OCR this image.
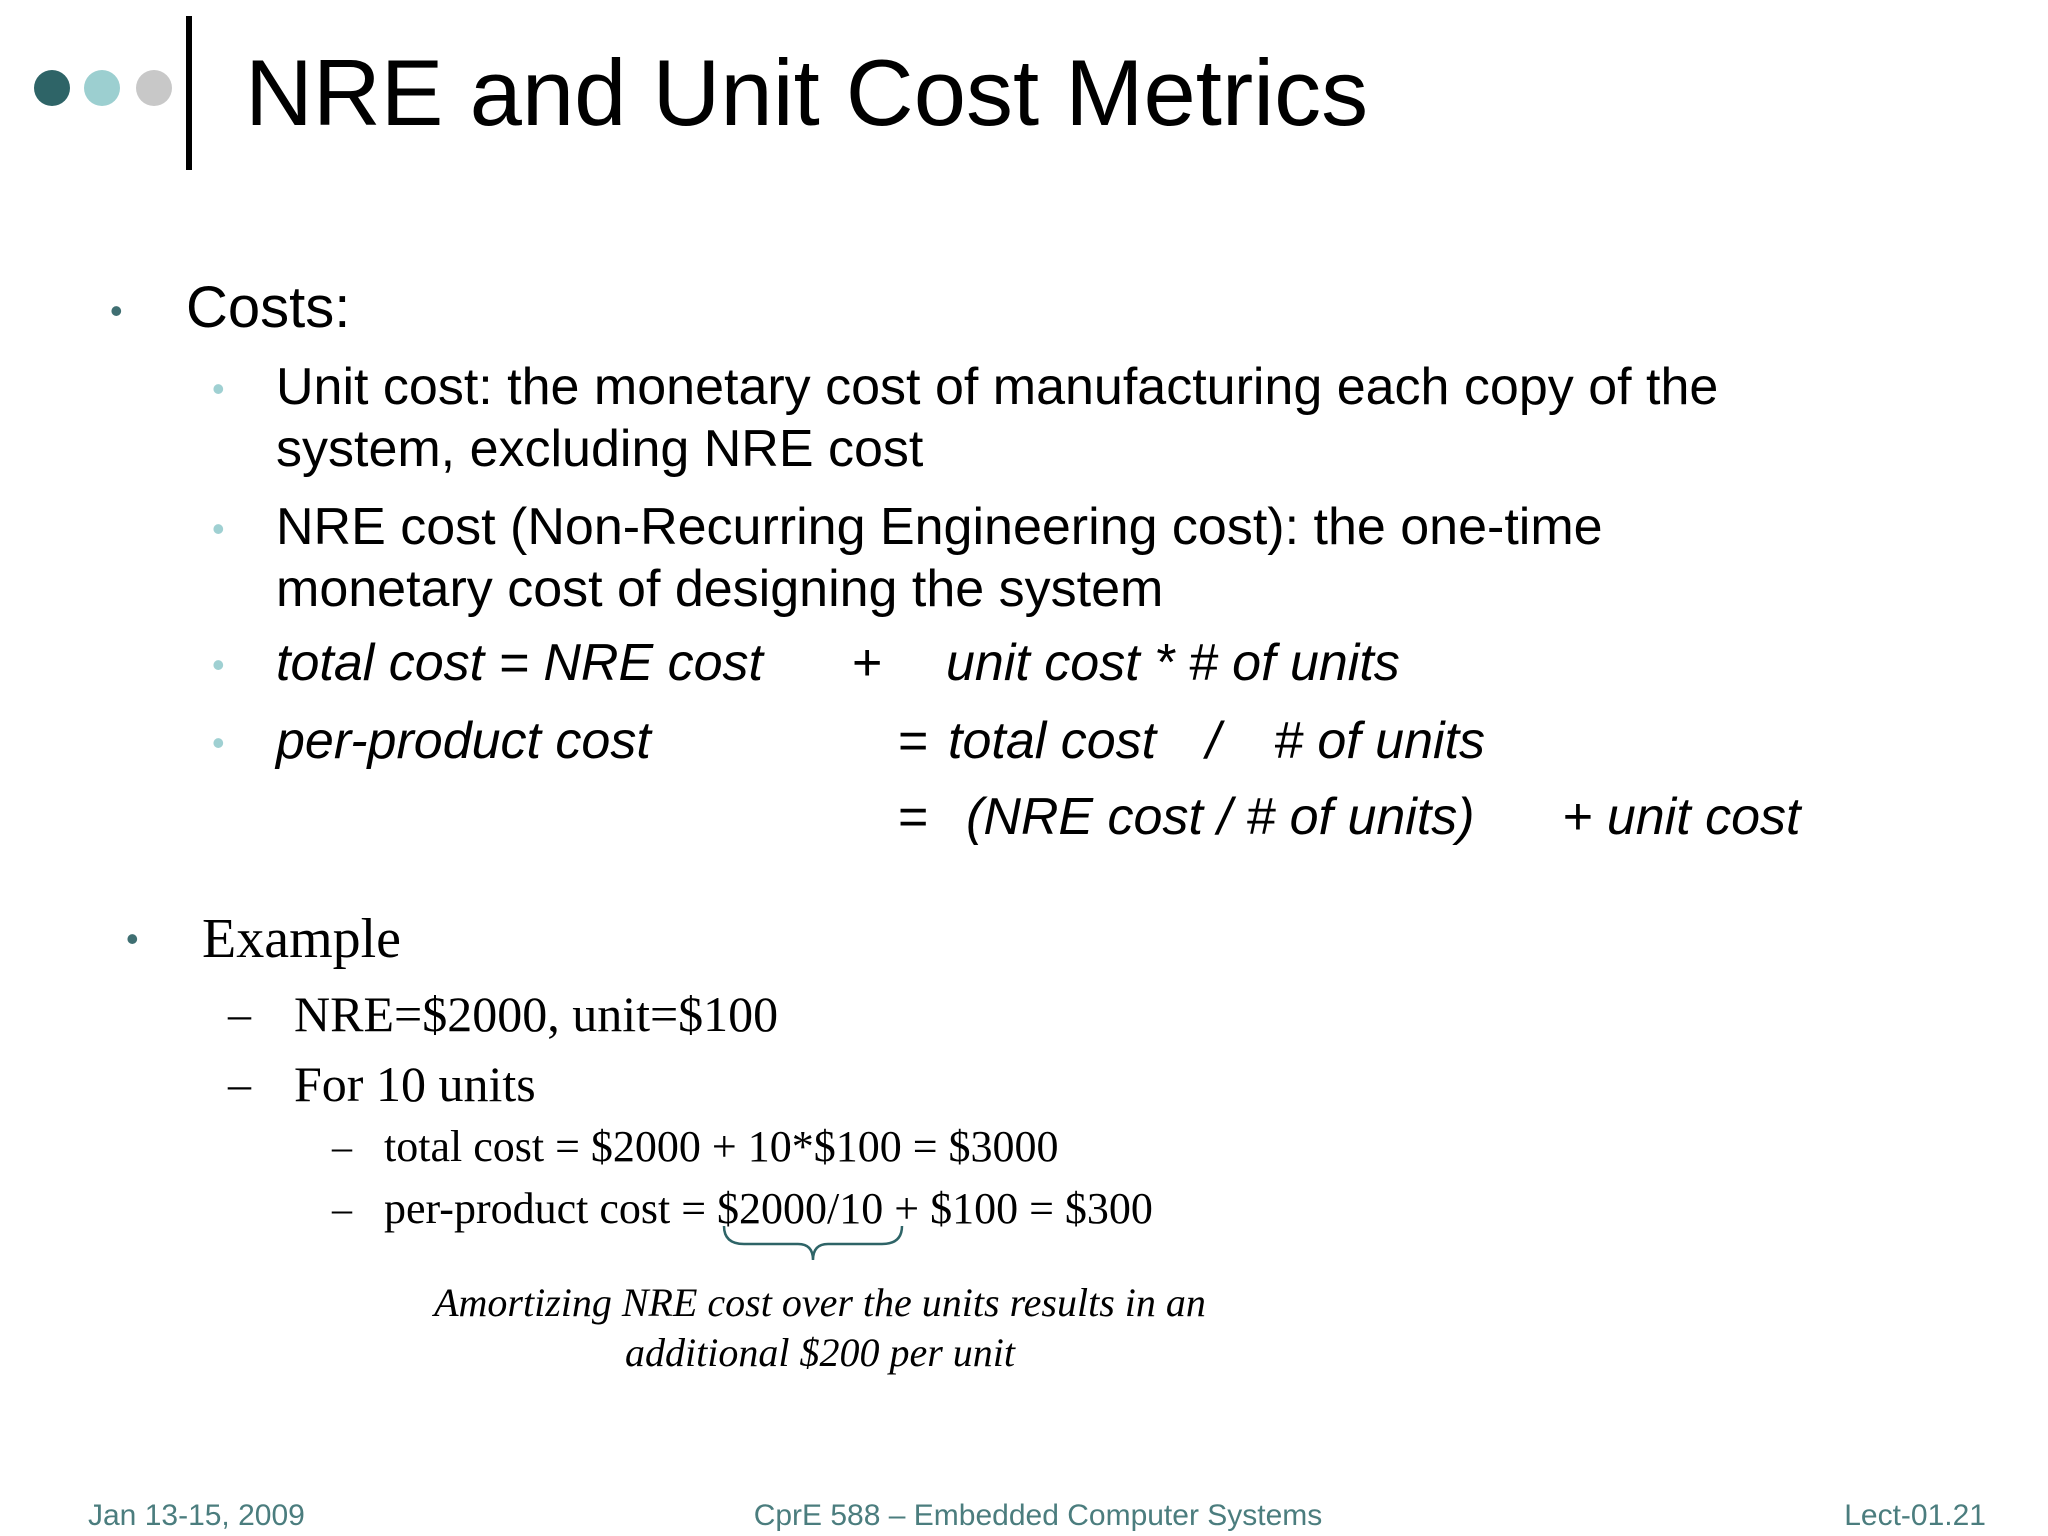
NRE and Unit Cost Metrics
• Costs:
• Unit cost: the monetary cost of manufacturing each copy of the
system, excluding NRE cost
• NRE cost (Non-Recurring Engineering cost): the one-time
monetary cost of designing the system
• total cost = NRE cost + unit cost * # of units
• per-product cost	= total cost / # of units
= (NRE cost / # of units) + unit cost
• Example
– NRE=$2000, unit=$100
– For 10 units
– total cost = $2000 + 10*$100 = $3000
– per-product cost = $2000/10 + $100 = $300
Amortizing NRE cost over the units results in an
additional $200 per unit
Jan 13-15, 2009	CprE 588 – Embedded Computer Systems	Lect-01.21
